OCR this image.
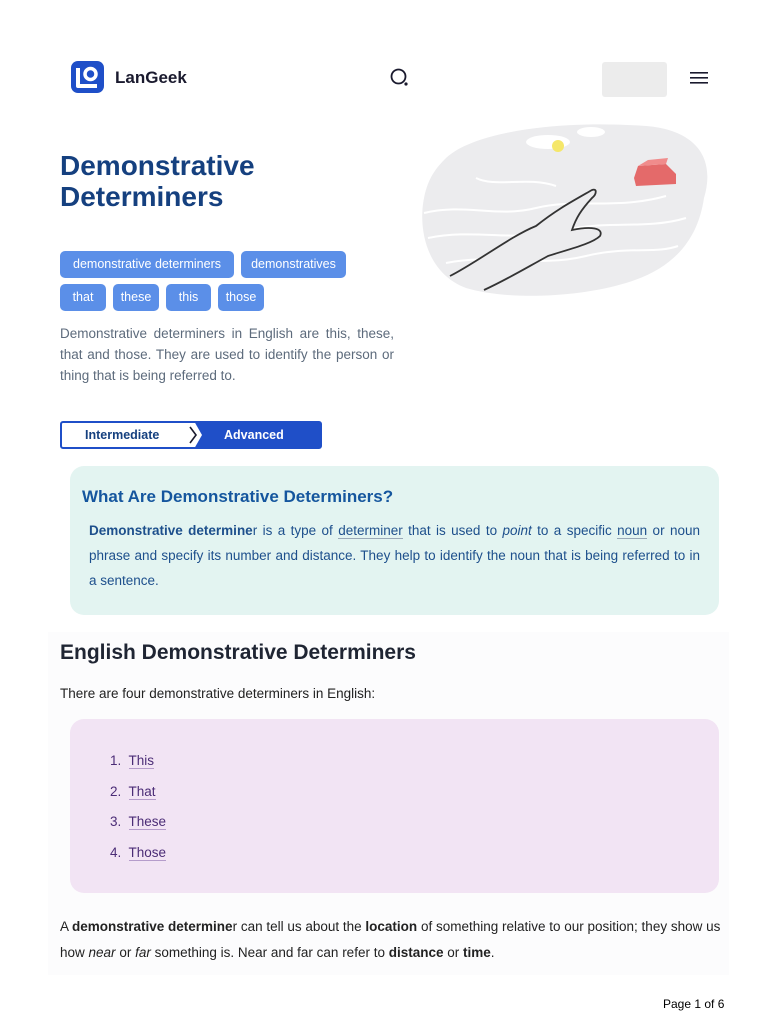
LanGeek
Demonstrative Determiners
demonstrative determiners	demonstratives
that	these	this	those

Demonstrative determiners in English are this, these, that and those. They are used to identify the person or thing that is being referred to.

Intermediate	Advanced
What Are Demonstrative Determiners?

Demonstrative determiner is a type of determiner that is used to point to a specific noun or noun phrase and specify its number and distance. They help to identify the noun that is being referred to in a sentence.

English Demonstrative Determiners

There are four demonstrative determiners in English:

1. This
2. That
3. These
4. Those

A demonstrative determiner can tell us about the location of something relative to our position; they show us how near or far something is. Near and far can refer to distance or time.

Page 1 of 6
